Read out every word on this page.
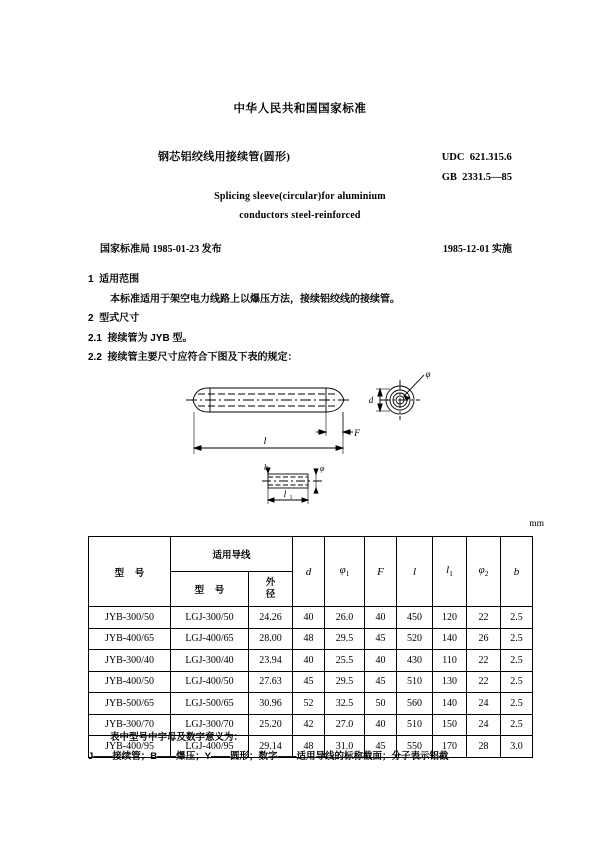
中华人民共和国国家标准
钢芯铝绞线用接续管(圆形)	UDC  621.315.6
GB  2331.5—85
Splicing sleeve(circular)for aluminium
conductors steel-reinforced
国家标准局 1985-01-23 发布	1985-12-01 实施

1  适用范围

本标准适用于架空电力线路上以爆压方法，接续铝绞线的接续管。

2  型式尺寸

2.1  接续管为 JYB 型。

2.2  接续管主要尺寸应符合下图及下表的规定：

l
F
φ
d
b	φ
l 1
mm
型 号	适用导线		d	$\varphi_1$	F	l	$l_1$	$\varphi_2$	b
	型 号	外
径							
JYB-300/50	LGJ-300/50	24.26	40	26.0	40	450	120	22	2.5
JYB-400/65	LGJ-400/65	28.00	48	29.5	45	520	140	26	2.5
JYB-300/40	LGJ-300/40	23.94	40	25.5	40	430	110	22	2.5
JYB-400/50	LGJ-400/50	27.63	45	29.5	45	510	130	22	2.5
JYB-500/65	LGJ-500/65	30.96	52	32.5	50	560	140	24	2.5
JYB-300/70	LGJ-300/70	25.20	42	27.0	40	510	150	24	2.5
JYB-400/95	LGJ-400/95	29.14	48	31.0	45	550	170	28	3.0

表中型号中字母及数字意义为：

J——接续管；B——爆压；Y——圆形；数字——适用导线的标称截面；分子表示铝截
